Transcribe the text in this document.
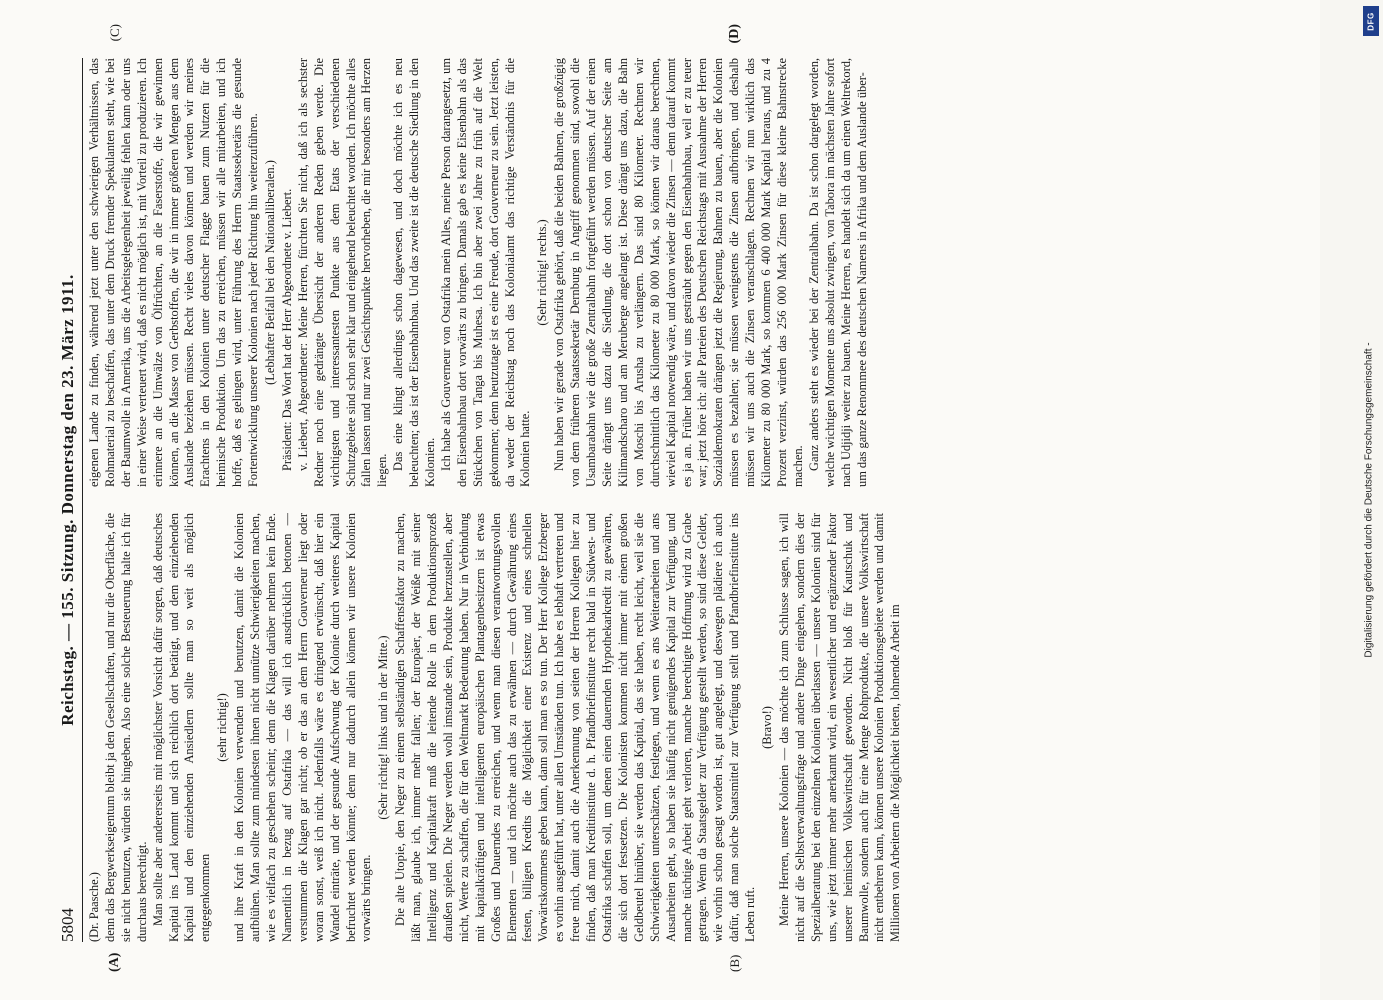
5804
Reichstag. — 155. Sitzung. Donnerstag den 23. März 1911.
(A)	(B)
(C)	(D)

(Dr. Paasche.) denn das Bergwerkseigentum bleibt ja den Gesellschaften, und nur die Oberfläche, die sie nicht benutzen, würden sie hingeben. Also eine solche Besteuerung halte ich für durchaus berechtigt. Man sollte aber andererseits mit möglichster Vorsicht dafür sorgen, daß deutsches Kapital ins Land kommt und sich reichlich dort betätigt, und dem einziehenden Kapital und den einziehenden Ansiedlern sollte man so weit als möglich entgegenkommen

(sehr richtig!) und ihre Kraft in den Kolonien verwenden und benutzen, damit die Kolonien aufblühen. Man sollte zum mindesten ihnen nicht unnütze Schwierigkeiten machen, wie es vielfach zu geschehen scheint; denn die Klagen darüber nehmen kein Ende. Namentlich in bezug auf Ostafrika — das will ich ausdrücklich betonen — verstummen die Klagen gar nicht; ob er das an dem Herrn Gouverneur liegt oder woran sonst, weiß ich nicht. Jedenfalls wäre es dringend erwünscht, daß hier ein Wandel einträte, und der gesunde Aufschwung der Kolonie durch weiteres Kapital befruchtet werden könnte; denn nur dadurch allein können wir unsere Kolonien vorwärts bringen.

(Sehr richtig! links und in der Mitte.) Die alte Utopie, den Neger zu einem selbständigen Schaffensfaktor zu machen, läßt man, glaube ich, immer mehr fallen; der Europäer, der Weiße mit seiner Intelligenz und Kapitalkraft muß die leitende Rolle in dem Produktionsprozeß draußen spielen. Die Neger werden wohl imstande sein, Produkte herzustellen, aber nicht, Werte zu schaffen, die für den Weltmarkt Bedeutung haben. Nur in Verbindung mit kapitalkräftigen und intelligenten europäischen Plantagenbesitzern ist etwas Großes und Dauerndes zu erreichen, und wenn man diesen verantwortungsvollen Elementen — und ich möchte auch das zu erwähnen — durch Gewährung eines festen, billigen Kredits die Möglichkeit einer Existenz und eines schnellen Vorwärtskommens geben kann, dann soll man es so tun. Der Herr Kollege Erzberger es vorhin ausgeführt hat, unter allen Umständen tun. Ich habe es lebhaft vertreten und freue mich, damit auch die Anerkennung von seiten der Herren Kollegen hier zu finden, daß man Kreditinstitute d. h. Pfandbriefinstitute recht bald in Südwest- und Ostafrika schaffen soll, um denen einen dauernden Hypothekarkredit zu gewähren, die sich dort festsetzen. Die Kolonisten kommen nicht immer mit einem großen Geldbeutel hinüber, sie werden das Kapital, das sie haben, recht leicht, weil sie die Schwierigkeiten unterschätzen, festlegen, und wenn es ans Weiterarbeiten und ans Ausarbeiten geht, so haben sie häufig nicht genügendes Kapital zur Verfügung, und manche tüchtige Arbeit geht verloren, manche berechtigte Hoffnung wird zu Grabe getragen. Wenn da Staatsgelder zur Verfügung gestellt werden, so sind diese Gelder, wie vorhin schon gesagt worden ist, gut angelegt, und deswegen plädiere ich auch dafür, daß man solche Staatsmittel zur Verfügung stellt und Pfandbriefinstitute ins Leben ruft.

(Bravo!) Meine Herren, unsere Kolonien — das möchte ich zum Schlusse sagen, ich will nicht auf die Selbstverwaltungsfrage und andere Dinge eingehen, sondern dies der Spezialberatung bei den einzelnen Kolonien überlassen — unsere Kolonien sind für uns, wie jetzt immer mehr anerkannt wird, ein wesentlicher und ergänzender Faktor unserer heimischen Volkswirtschaft geworden. Nicht bloß für Kautschuk und Baumwolle, sondern auch für eine Menge Rohprodukte, die unsere Volkswirtschaft nicht entbehren kann, können unsere Kolonien Produktionsgebiete werden und damit Millionen von Arbeitern die Möglichkeit bieten, lohnende Arbeit im

eigenen Lande zu finden, während jetzt unter den schwierigen Verhältnissen, das Rohmaterial zu beschaffen, das unter dem Druck fremder Spekulanten steht, wie bei der Baumwolle in Amerika, uns die Arbeitsgelegenheit jeweilig fehlen kann oder uns in einer Weise verteuert wird, daß es nicht möglich ist, mit Vorteil zu produzieren. Ich erinnere an die Umwälze von Ölfrüchten, an die Faserstoffe, die wir gewinnen können, an die Masse von Gerbstoffen, die wir in immer größeren Mengen aus dem Auslande beziehen müssen. Recht vieles davon können und werden wir meines Erachtens in den Kolonien unter deutscher Flagge bauen zum Nutzen für die heimische Produktion. Um das zu erreichen, müssen wir alle mitarbeiten, und ich hoffe, daß es gelingen wird, unter Führung des Herrn Staatssekretärs die gesunde Fortentwicklung unserer Kolonien nach jeder Richtung hin weiterzuführen. (Lebhafter Beifall bei den Nationalliberalen.) Präsident: Das Wort hat der Herr Abgeordnete v. Liebert. v. Liebert, Abgeordneter: Meine Herren, fürchten Sie nicht, daß ich als sechster Redner noch eine gedrängte Übersicht der anderen Reden geben werde. Die wichtigsten und interessantesten Punkte aus dem Etats der verschiedenen Schutzgebiete sind schon sehr klar und eingehend beleuchtet worden. Ich möchte alles fallen lassen und nur zwei Gesichtspunkte hervorheben, die mir besonders am Herzen liegen. Das eine klingt allerdings schon dagewesen, und doch möchte ich es neu beleuchten; das ist der Eisenbahnbau. Und das zweite ist die deutsche Siedlung in den Kolonien. Ich habe als Gouverneur von Ostafrika mein Alles, meine Person darangesetzt, um den Eisenbahnbau dort vorwärts zu bringen. Damals gab es keine Eisenbahn als das Stückchen von Tanga bis Muhesa. Ich bin aber zwei Jahre zu früh auf die Welt gekommen; denn heutzutage ist es eine Freude, dort Gouverneur zu sein. Jetzt leisten, da weder der Reichstag noch das Kolonialamt das richtige Verständnis für die Kolonien hatte.

(Sehr richtig! rechts.) Nun haben wir gerade von Ostafrika gehört, daß die beiden Bahnen, die großzügig von dem früheren Staatssekretär Dernburg in Angriff genommen sind, sowohl die Usambarabahn wie die große Zentralbahn fortgeführt werden müssen. Auf der einen Seite drängt uns dazu die Siedlung, die dort schon von deutscher Seite am Kilimandscharo und am Meruberge angelangt ist. Diese drängt uns dazu, die Bahn von Moschi bis Arusha zu verlängern. Das sind 80 Kilometer. Rechnen wir durchschnittlich das Kilometer zu 80 000 Mark, so können wir daraus berechnen, wieviel Kapital notwendig wäre, und davon wieder die Zinsen — denn darauf kommt es ja an. Früher haben wir uns gesträubt gegen den Eisenbahnbau, weil er zu teuer war; jetzt höre ich: alle Parteien des Deutschen Reichstags mit Ausnahme der Herren Sozialdemokraten drängen jetzt die Regierung, Bahnen zu bauen, aber die Kolonien müssen es bezahlen; sie müssen wenigstens die Zinsen aufbringen, und deshalb müssen wir uns auch die Zinsen veranschlagen. Rechnen wir nun wirklich das Kilometer zu 80 000 Mark, so kommen 6 400 000 Mark Kapital heraus, und zu 4 Prozent verzinst, würden das 256 000 Mark Zinsen für diese kleine Bahnstrecke machen. Ganz anders steht es wieder bei der Zentralbahn. Da ist schon dargelegt worden, welche wichtigen Momente uns absolut zwingen, von Tabora im nächsten Jahre sofort nach Udjidji weiter zu bauen. Meine Herren, es handelt sich da um einen Weltrekord, um das ganze Renommee des deutschen Namens in Afrika und dem Auslande über-

Digitalisierung gefördert durch die Deutsche Forschungsgemeinschaft -
DFG
